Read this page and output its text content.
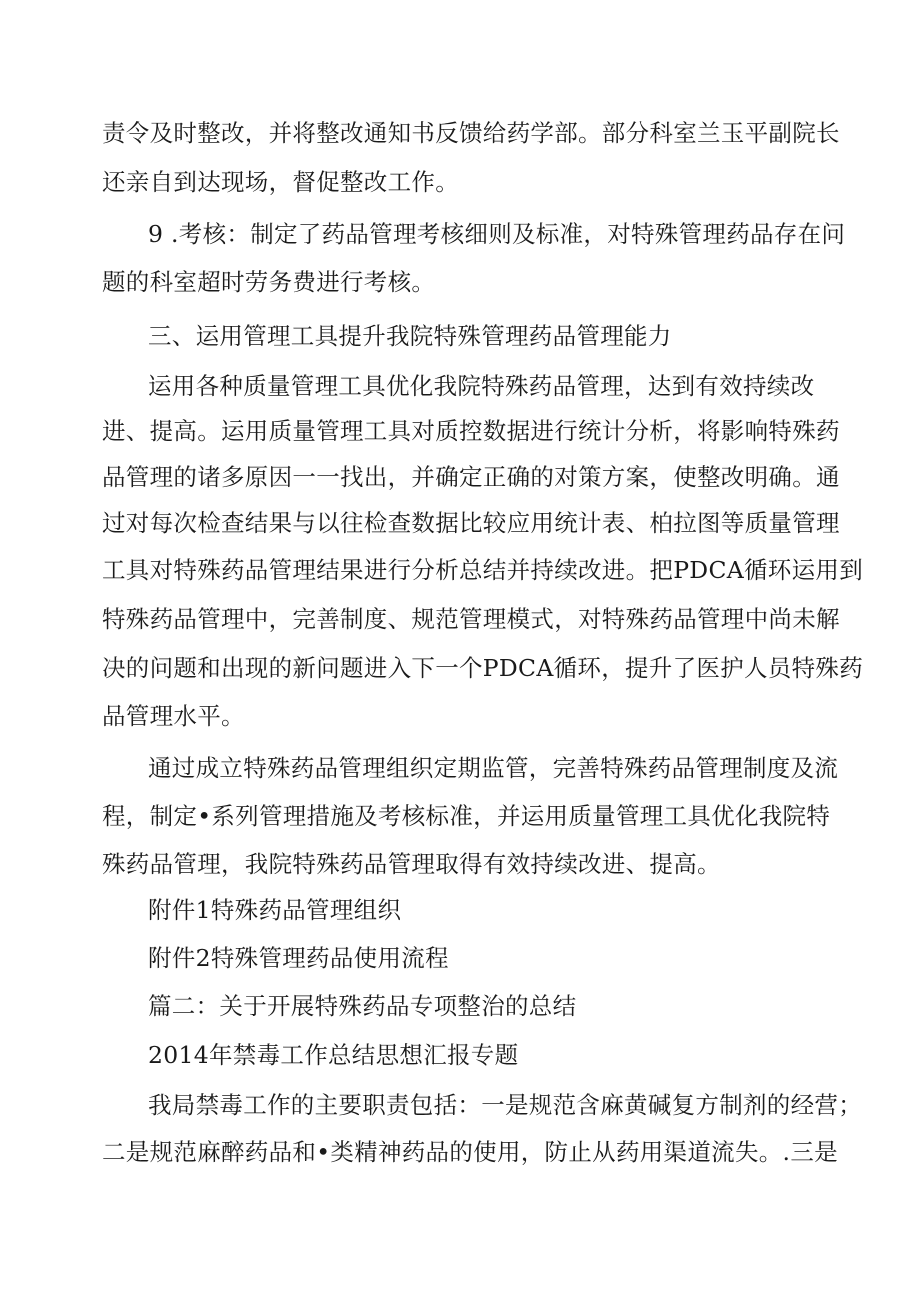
责令及时整改，并将整改通知书反馈给药学部。部分科室兰玉平副院长
还亲自到达现场，督促整改工作。
9 .考核：制定了药品管理考核细则及标准，对特殊管理药品存在问
题的科室超时劳务费进行考核。
三、运用管理工具提升我院特殊管理药品管理能力
运用各种质量管理工具优化我院特殊药品管理，达到有效持续改
进、提高。运用质量管理工具对质控数据进行统计分析，将影响特殊药
品管理的诸多原因一一找出，并确定正确的对策方案，使整改明确。通
过对每次检查结果与以往检查数据比较应用统计表、柏拉图等质量管理
工具对特殊药品管理结果进行分析总结并持续改进。把PDCA循环运用到
特殊药品管理中，完善制度、规范管理模式，对特殊药品管理中尚未解
决的问题和出现的新问题进入下一个PDCA循环，提升了医护人员特殊药
品管理水平。
通过成立特殊药品管理组织定期监管，完善特殊药品管理制度及流
程，制定•系列管理措施及考核标准，并运用质量管理工具优化我院特
殊药品管理，我院特殊药品管理取得有效持续改进、提高。
附件1特殊药品管理组织
附件2特殊管理药品使用流程
篇二：关于开展特殊药品专项整治的总结
2014年禁毒工作总结思想汇报专题
我局禁毒工作的主要职责包括：一是规范含麻黄碱复方制剂的经营；
二是规范麻醉药品和•类精神药品的使用，防止从药用渠道流失。.三是
